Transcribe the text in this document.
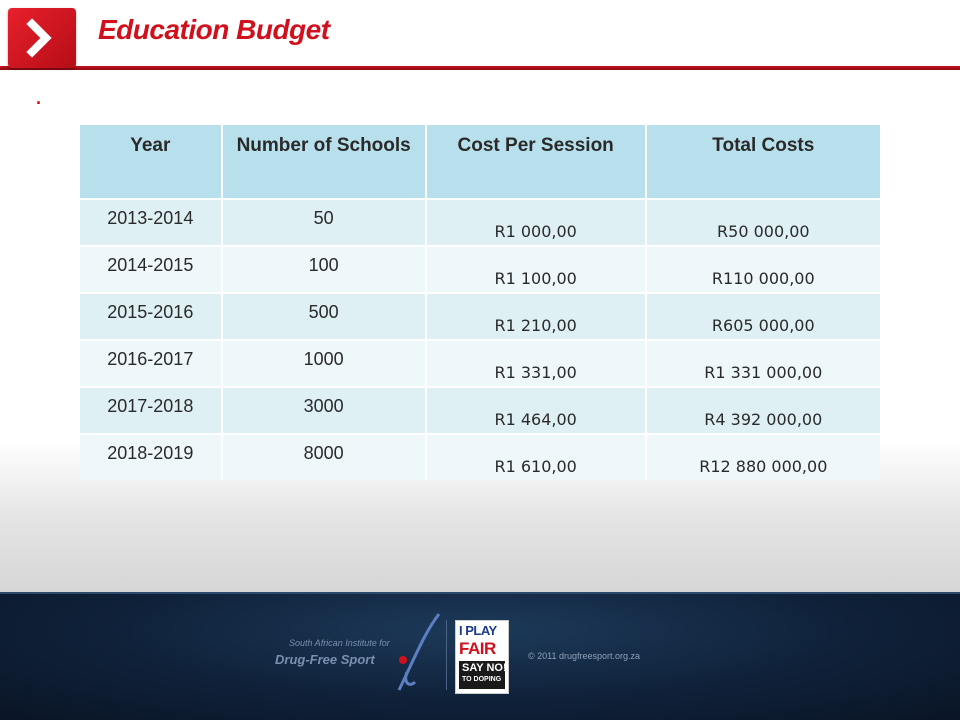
Education Budget
.
Year	Number of Schools	Cost Per Session	Total Costs
2013-2014	50	R1 000,00	R50 000,00
2014-2015	100	R1 100,00	R110 000,00
2015-2016	500	R1 210,00	R605 000,00
2016-2017	1000	R1 331,00	R1 331 000,00
2017-2018	3000	R1 464,00	R4 392 000,00
2018-2019	8000	R1 610,00	R12 880 000,00
South African Institute for
Drug-Free Sport
I PLAY
FAIR
SAY NO!
TO DOPING
© 2011 drugfreesport.org.za
